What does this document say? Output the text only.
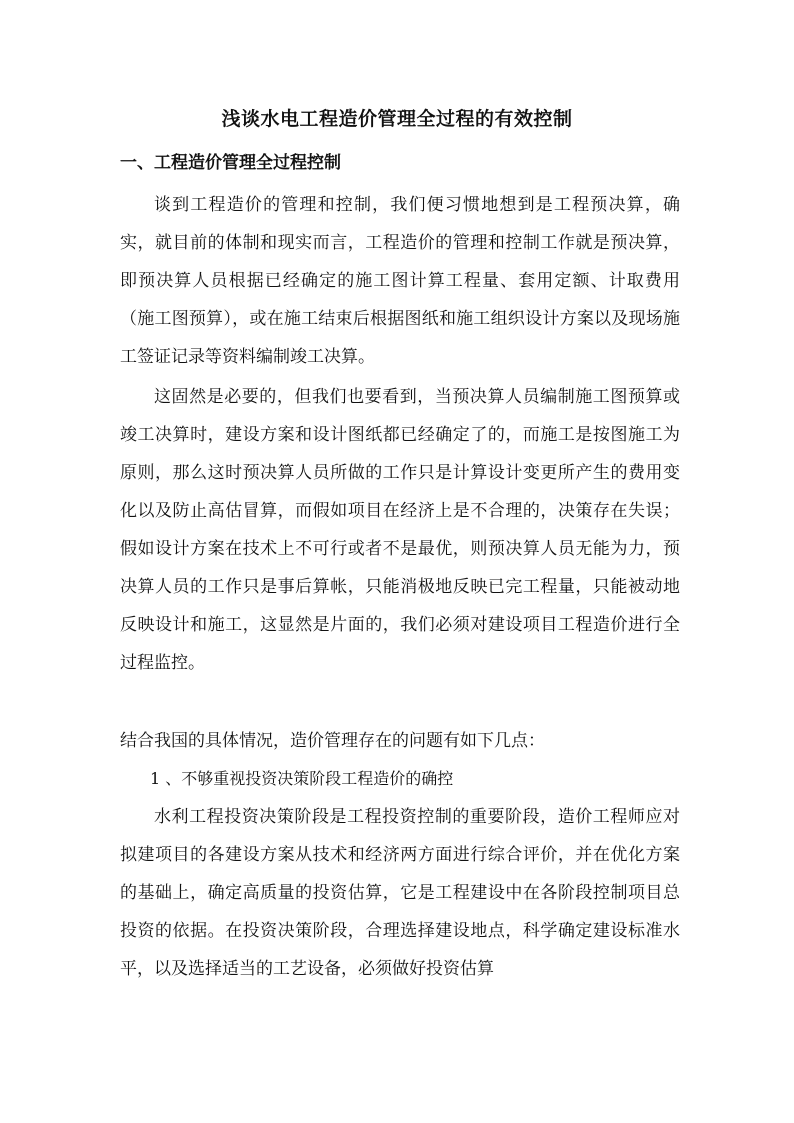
浅谈水电工程造价管理全过程的有效控制
一、工程造价管理全过程控制

谈到工程造价的管理和控制，我们便习惯地想到是工程预决算，确实，就目前的体制和现实而言，工程造价的管理和控制工作就是预决算，即预决算人员根据已经确定的施工图计算工程量、套用定额、计取费用（施工图预算），或在施工结束后根据图纸和施工组织设计方案以及现场施工签证记录等资料编制竣工决算。

这固然是必要的，但我们也要看到，当预决算人员编制施工图预算或竣工决算时，建设方案和设计图纸都已经确定了的，而施工是按图施工为原则，那么这时预决算人员所做的工作只是计算设计变更所产生的费用变化以及防止高估冒算，而假如项目在经济上是不合理的，决策存在失误；假如设计方案在技术上不可行或者不是最优，则预决算人员无能为力，预决算人员的工作只是事后算帐，只能消极地反映已完工程量，只能被动地反映设计和施工，这显然是片面的，我们必须对建设项目工程造价进行全过程监控。

结合我国的具体情况，造价管理存在的问题有如下几点：

1 、不够重视投资决策阶段工程造价的确控

水利工程投资决策阶段是工程投资控制的重要阶段，造价工程师应对拟建项目的各建设方案从技术和经济两方面进行综合评价，并在优化方案的基础上，确定高质量的投资估算，它是工程建设中在各阶段控制项目总投资的依据。在投资决策阶段，合理选择建设地点，科学确定建设标准水平，以及选择适当的工艺设备，必须做好投资估算
